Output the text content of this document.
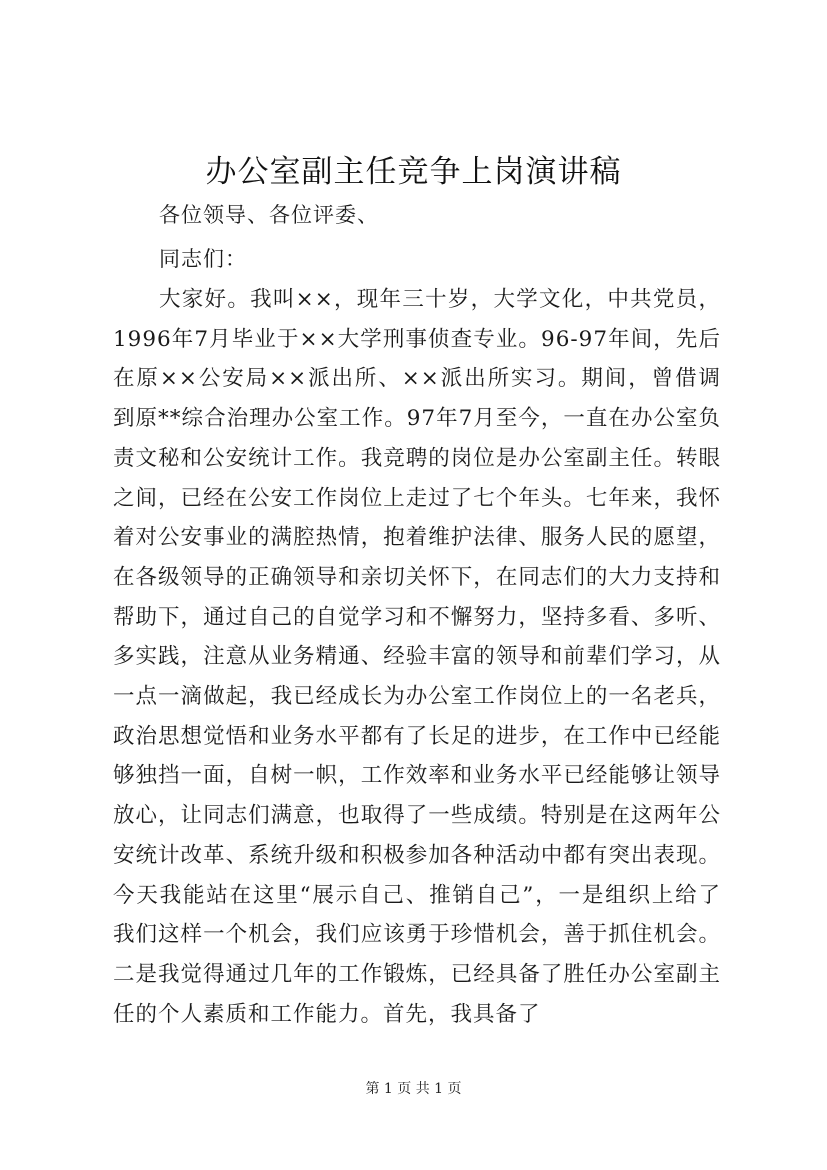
办公室副主任竞争上岗演讲稿

各位领导、各位评委、

同志们：

大家好。我叫××，现年三十岁，大学文化，中共党员，1996年7月毕业于××大学刑事侦查专业。96-97年间，先后在原××公安局××派出所、××派出所实习。期间，曾借调到原**综合治理办公室工作。97年7月至今，一直在办公室负责文秘和公安统计工作。我竞聘的岗位是办公室副主任。转眼之间，已经在公安工作岗位上走过了七个年头。七年来，我怀着对公安事业的满腔热情，抱着维护法律、服务人民的愿望，在各级领导的正确领导和亲切关怀下，在同志们的大力支持和帮助下，通过自己的自觉学习和不懈努力，坚持多看、多听、多实践，注意从业务精通、经验丰富的领导和前辈们学习，从一点一滴做起，我已经成长为办公室工作岗位上的一名老兵，政治思想觉悟和业务水平都有了长足的进步，在工作中已经能够独挡一面，自树一帜，工作效率和业务水平已经能够让领导放心，让同志们满意，也取得了一些成绩。特别是在这两年公安统计改革、系统升级和积极参加各种活动中都有突出表现。今天我能站在这里“展示自己、推销自己”，一是组织上给了我们这样一个机会，我们应该勇于珍惜机会，善于抓住机会。二是我觉得通过几年的工作锻炼，已经具备了胜任办公室副主任的个人素质和工作能力。首先，我具备了

第 1 页 共 1 页
